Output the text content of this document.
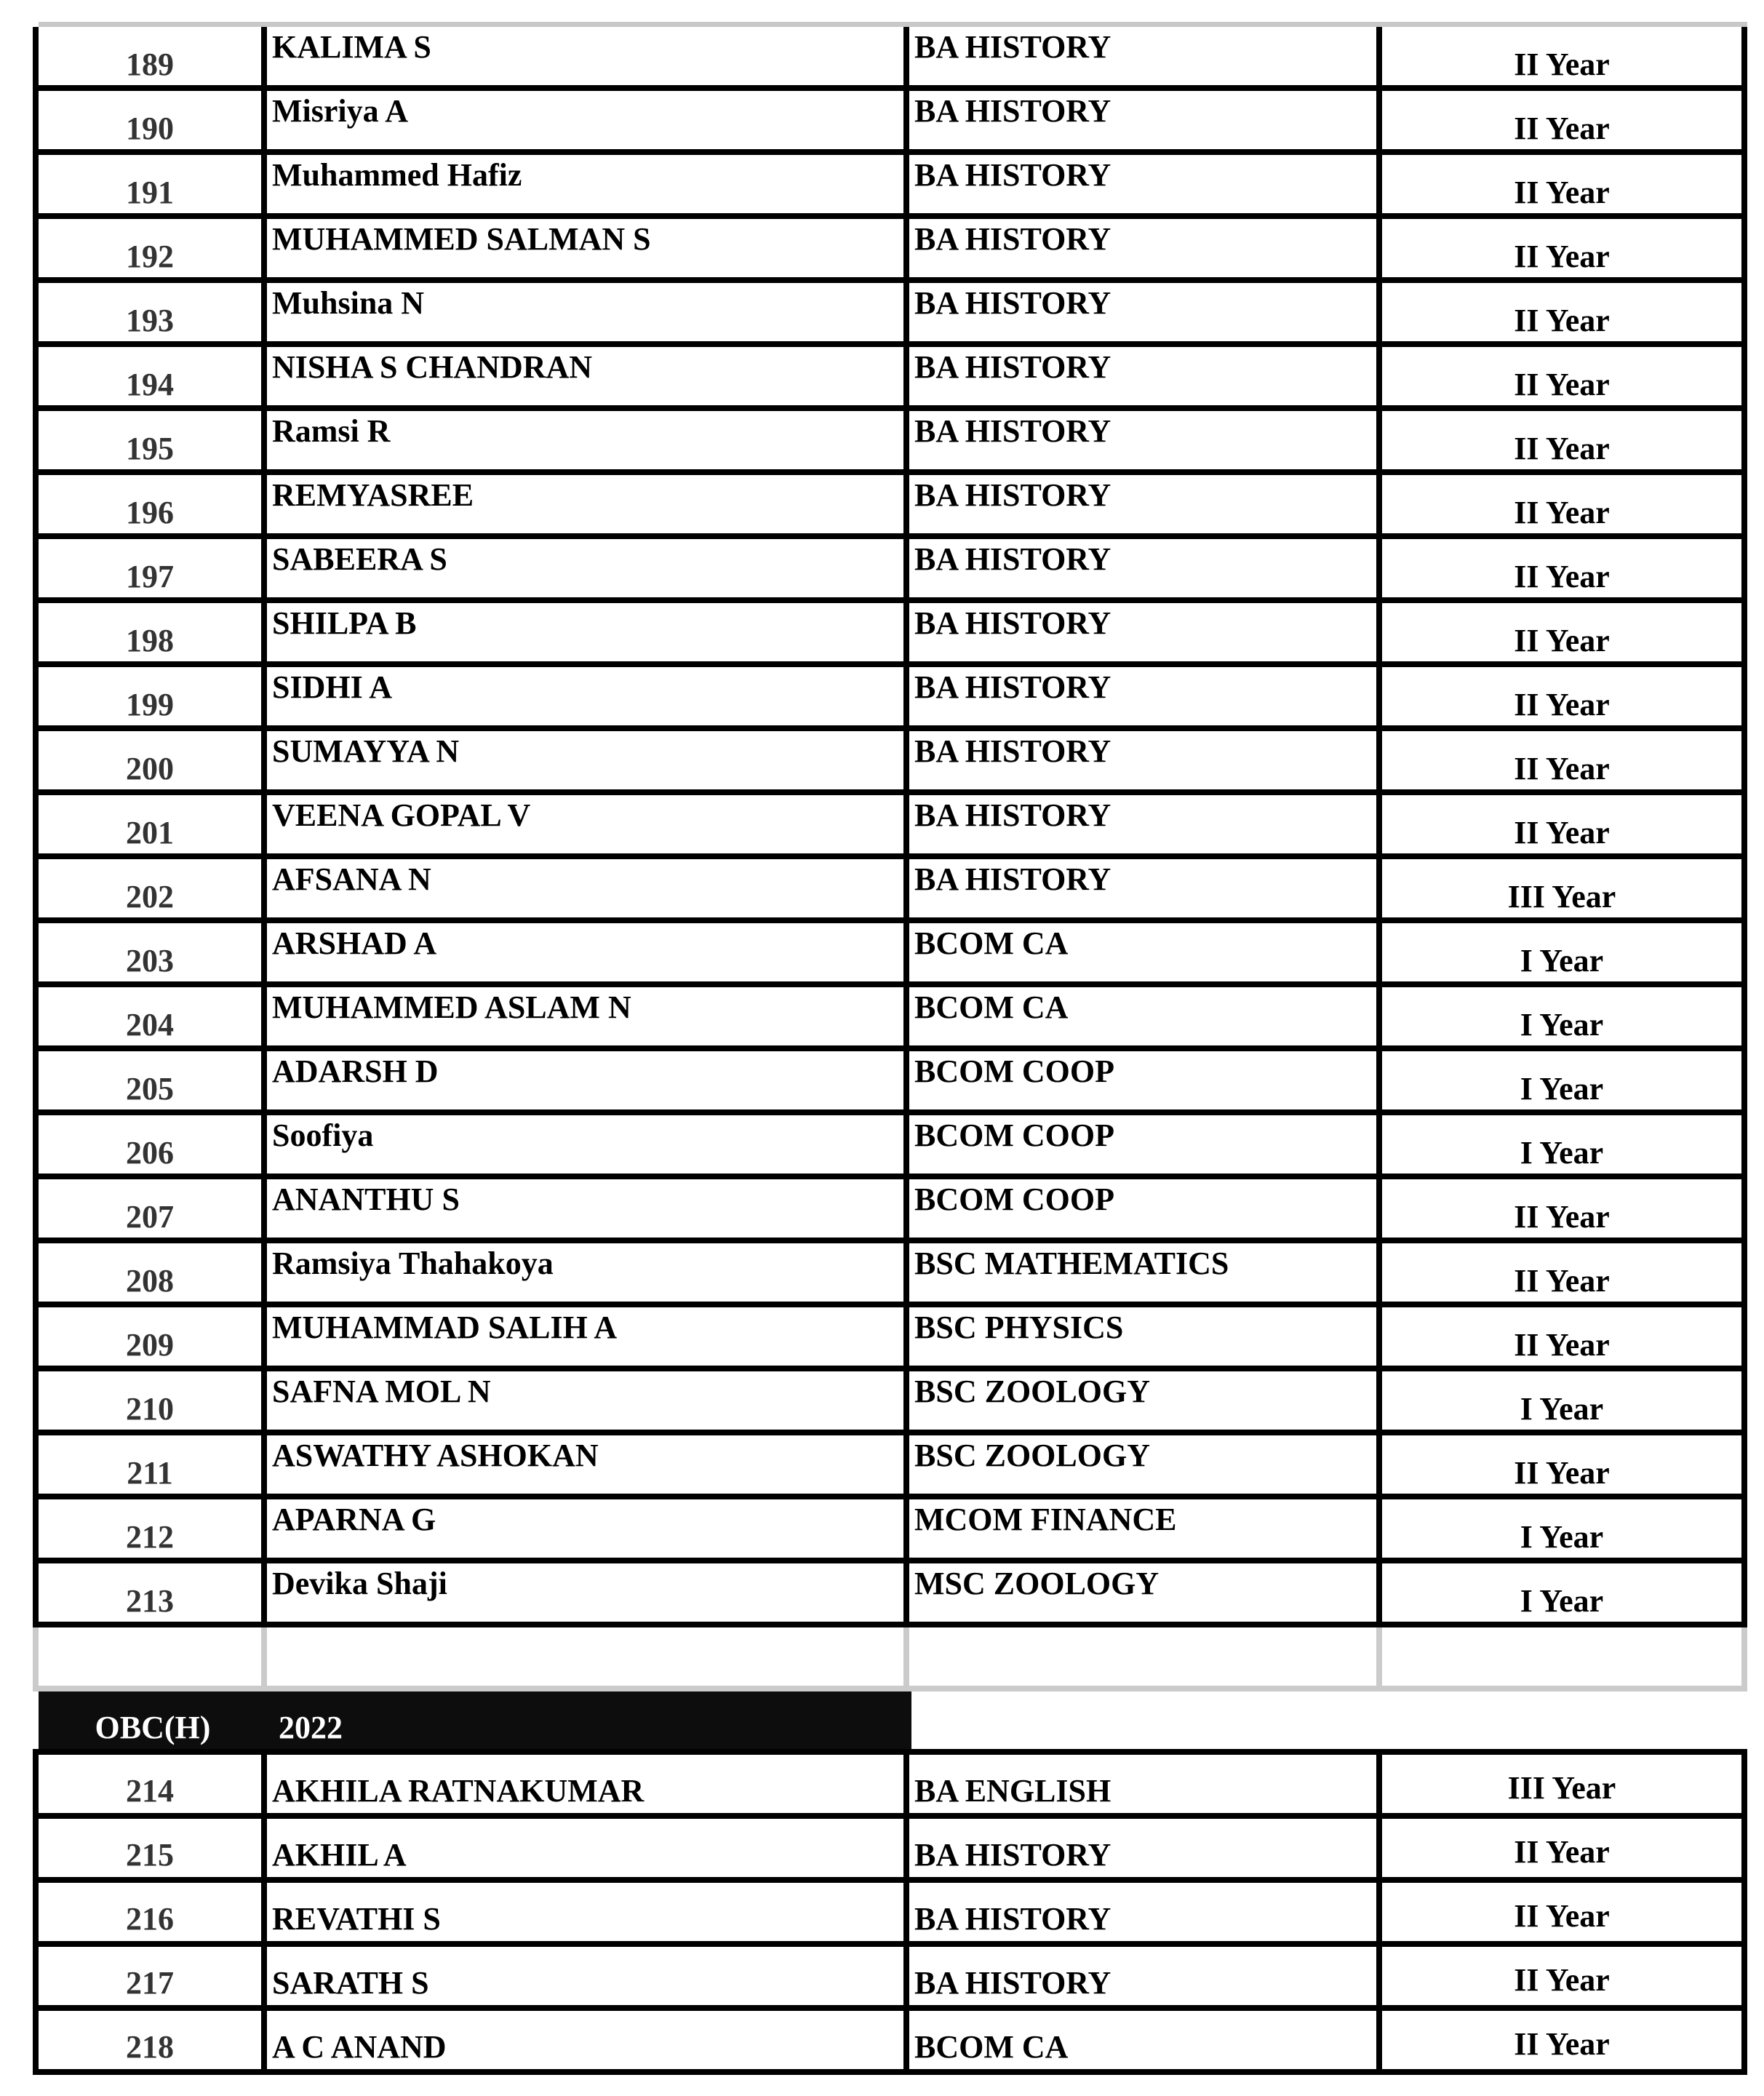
189	KALIMA S	BA HISTORY	II Year
190	Misriya A	BA HISTORY	II Year
191	Muhammed Hafiz	BA HISTORY	II Year
192	MUHAMMED SALMAN S	BA HISTORY	II Year
193	Muhsina N	BA HISTORY	II Year
194	NISHA S CHANDRAN	BA HISTORY	II Year
195	Ramsi R	BA HISTORY	II Year
196	REMYASREE	BA HISTORY	II Year
197	SABEERA S	BA HISTORY	II Year
198	SHILPA B	BA HISTORY	II Year
199	SIDHI A	BA HISTORY	II Year
200	SUMAYYA N	BA HISTORY	II Year
201	VEENA GOPAL V	BA HISTORY	II Year
202	AFSANA N	BA HISTORY	III Year
203	ARSHAD A	BCOM CA	I Year
204	MUHAMMED ASLAM N	BCOM CA	I Year
205	ADARSH D	BCOM COOP	I Year
206	Soofiya	BCOM COOP	I Year
207	ANANTHU S	BCOM COOP	II Year
208	Ramsiya Thahakoya	BSC MATHEMATICS	II Year
209	MUHAMMAD SALIH A	BSC PHYSICS	II Year
210	SAFNA MOL N	BSC ZOOLOGY	I Year
211	ASWATHY ASHOKAN	BSC ZOOLOGY	II Year
212	APARNA G	MCOM FINANCE	I Year
213	Devika Shaji	MSC ZOOLOGY	I Year
OBC(H)	2022
214	AKHILA RATNAKUMAR	BA ENGLISH	III Year
215	AKHIL A	BA HISTORY	II Year
216	REVATHI S	BA HISTORY	II Year
217	SARATH S	BA HISTORY	II Year
218	A C ANAND	BCOM CA	II Year
